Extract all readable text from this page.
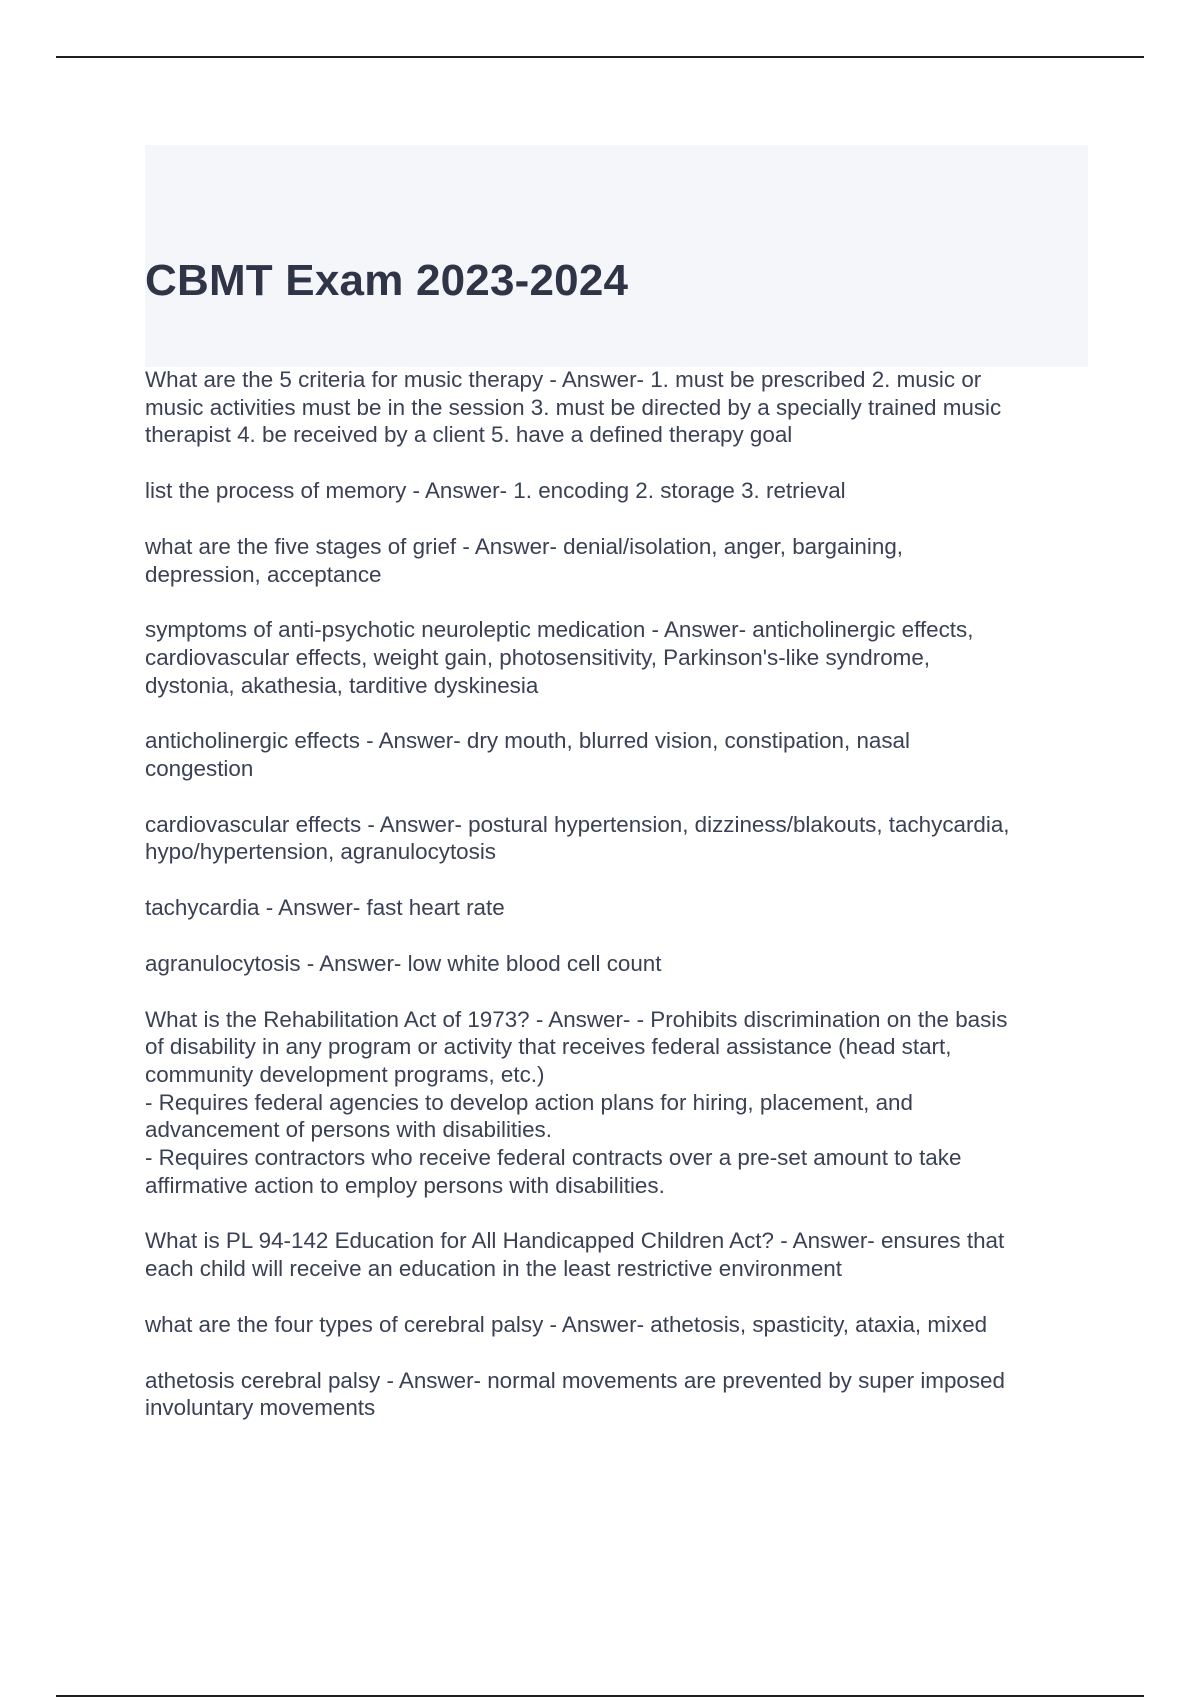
CBMT Exam 2023-2024

What are the 5 criteria for music therapy - Answer- 1. must be prescribed 2. music or
music activities must be in the session 3. must be directed by a specially trained music
therapist 4. be received by a client 5. have a defined therapy goal

list the process of memory - Answer- 1. encoding 2. storage 3. retrieval

what are the five stages of grief - Answer- denial/isolation, anger, bargaining,
depression, acceptance

symptoms of anti-psychotic neuroleptic medication - Answer- anticholinergic effects,
cardiovascular effects, weight gain, photosensitivity, Parkinson's-like syndrome,
dystonia, akathesia, tarditive dyskinesia

anticholinergic effects - Answer- dry mouth, blurred vision, constipation, nasal
congestion

cardiovascular effects - Answer- postural hypertension, dizziness/blakouts, tachycardia,
hypo/hypertension, agranulocytosis

tachycardia - Answer- fast heart rate

agranulocytosis - Answer- low white blood cell count

What is the Rehabilitation Act of 1973? - Answer- - Prohibits discrimination on the basis
of disability in any program or activity that receives federal assistance (head start,
community development programs, etc.)
- Requires federal agencies to develop action plans for hiring, placement, and
advancement of persons with disabilities.
- Requires contractors who receive federal contracts over a pre-set amount to take
affirmative action to employ persons with disabilities.

What is PL 94-142 Education for All Handicapped Children Act? - Answer- ensures that
each child will receive an education in the least restrictive environment

what are the four types of cerebral palsy - Answer- athetosis, spasticity, ataxia, mixed

athetosis cerebral palsy - Answer- normal movements are prevented by super imposed
involuntary movements
